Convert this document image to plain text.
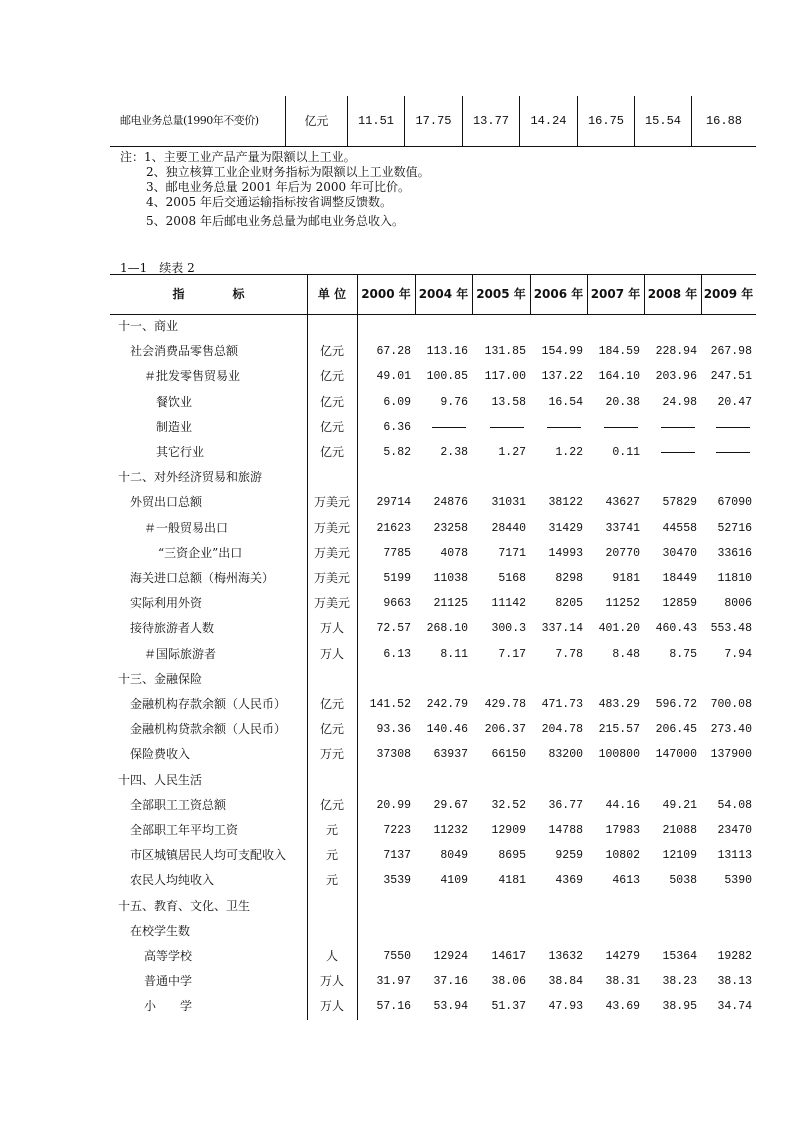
邮电业务总量(1990年不变价)	亿元	11.51	17.75	13.77	14.24	16.75	15.54	16.88
注：1、主要工业产品产量为限额以上工业。
2、独立核算工业企业财务指标为限额以上工业数值。
3、邮电业务总量 2001 年后为 2000 年可比价。
4、2005 年后交通运输指标按省调整反馈数。
5、2008 年后邮电业务总量为邮电业务总收入。
1—1　续表 2
指　　　　标	单 位	2000 年 2004 年 2005 年 2006 年 2007 年 2008 年 2009 年
十一、商业
社会消费品零售总额	亿元	67.28	113.16	131.85	154.99	184.59	228.94	267.98
＃批发零售贸易业	亿元	49.01	100.85	117.00	137.22	164.10	203.96	247.51
餐饮业	亿元	6.09	9.76	13.58	16.54	20.38	24.98	20.47
制造业	亿元	6.36
其它行业	亿元	5.82	2.38	1.27	1.22	0.11
十二、对外经济贸易和旅游
外贸出口总额	万美元	29714	24876	31031	38122	43627	57829	67090
＃一般贸易出口	万美元	21623	23258	28440	31429	33741	44558	52716
“三资企业”出口	万美元	7785	4078	7171	14993	20770	30470	33616
海关进口总额（梅州海关）	万美元	5199	11038	5168	8298	9181	18449	11810
实际利用外资	万美元	9663	21125	11142	8205	11252	12859	8006
接待旅游者人数	万人	72.57	268.10	300.3	337.14	401.20	460.43	553.48
＃国际旅游者	万人	6.13	8.11	7.17	7.78	8.48	8.75	7.94
十三、金融保险
金融机构存款余额（人民币）	亿元	141.52	242.79	429.78	471.73	483.29	596.72	700.08
金融机构贷款余额（人民币）	亿元	93.36	140.46	206.37	204.78	215.57	206.45	273.40
保险费收入	万元	37308	63937	66150	83200	100800	147000	137900
十四、人民生活
全部职工工资总额	亿元	20.99	29.67	32.52	36.77	44.16	49.21	54.08
全部职工年平均工资	元	7223	11232	12909	14788	17983	21088	23470
市区城镇居民人均可支配收入	元	7137	8049	8695	9259	10802	12109	13113
农民人均纯收入	元	3539	4109	4181	4369	4613	5038	5390
十五、教育、文化、卫生
在校学生数
高等学校	人	7550	12924	14617	13632	14279	15364	19282
普通中学	万人	31.97	37.16	38.06	38.84	38.31	38.23	38.13
小　　学	万人	57.16	53.94	51.37	47.93	43.69	38.95	34.74
